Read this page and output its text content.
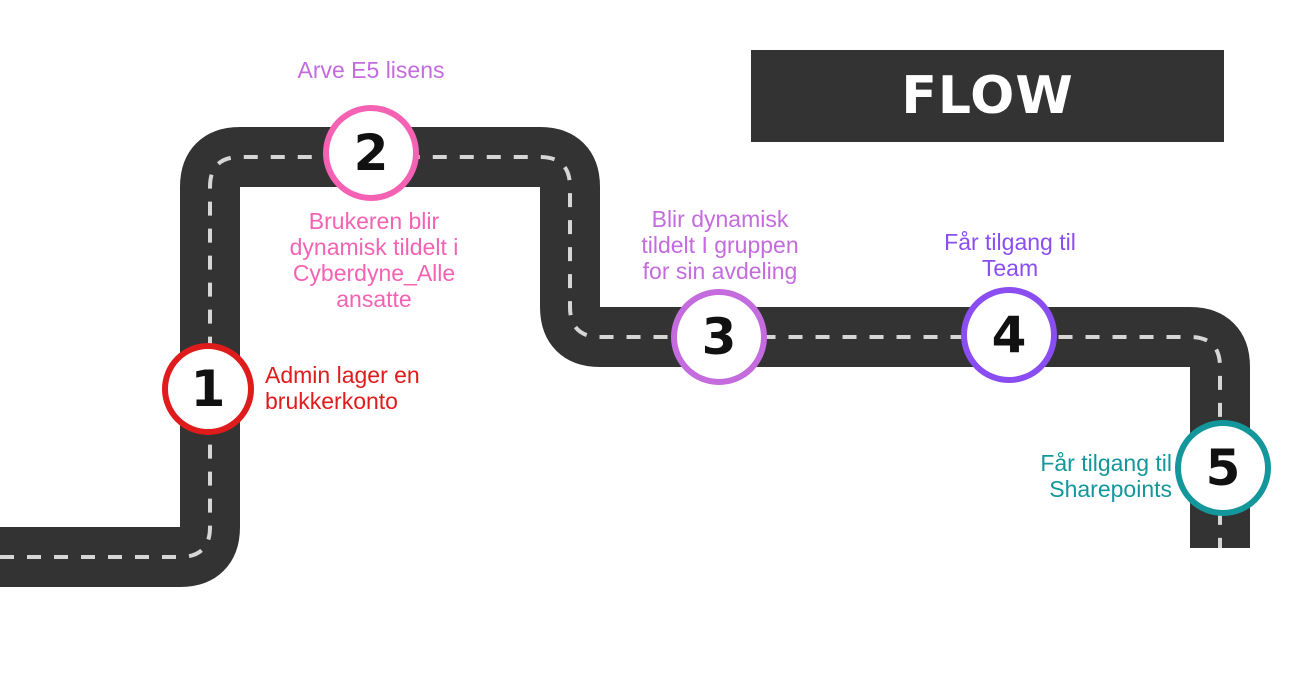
FLOW
1
2
3	4
5
Admin lager en
brukkerkonto
Arve E5 lisens
Brukeren blir
dynamisk tildelt i
Cyberdyne_Alle
ansatte
Blir dynamisk
tildelt I gruppen
for sin avdeling
Får tilgang til
Team
Får tilgang til
Sharepoints
